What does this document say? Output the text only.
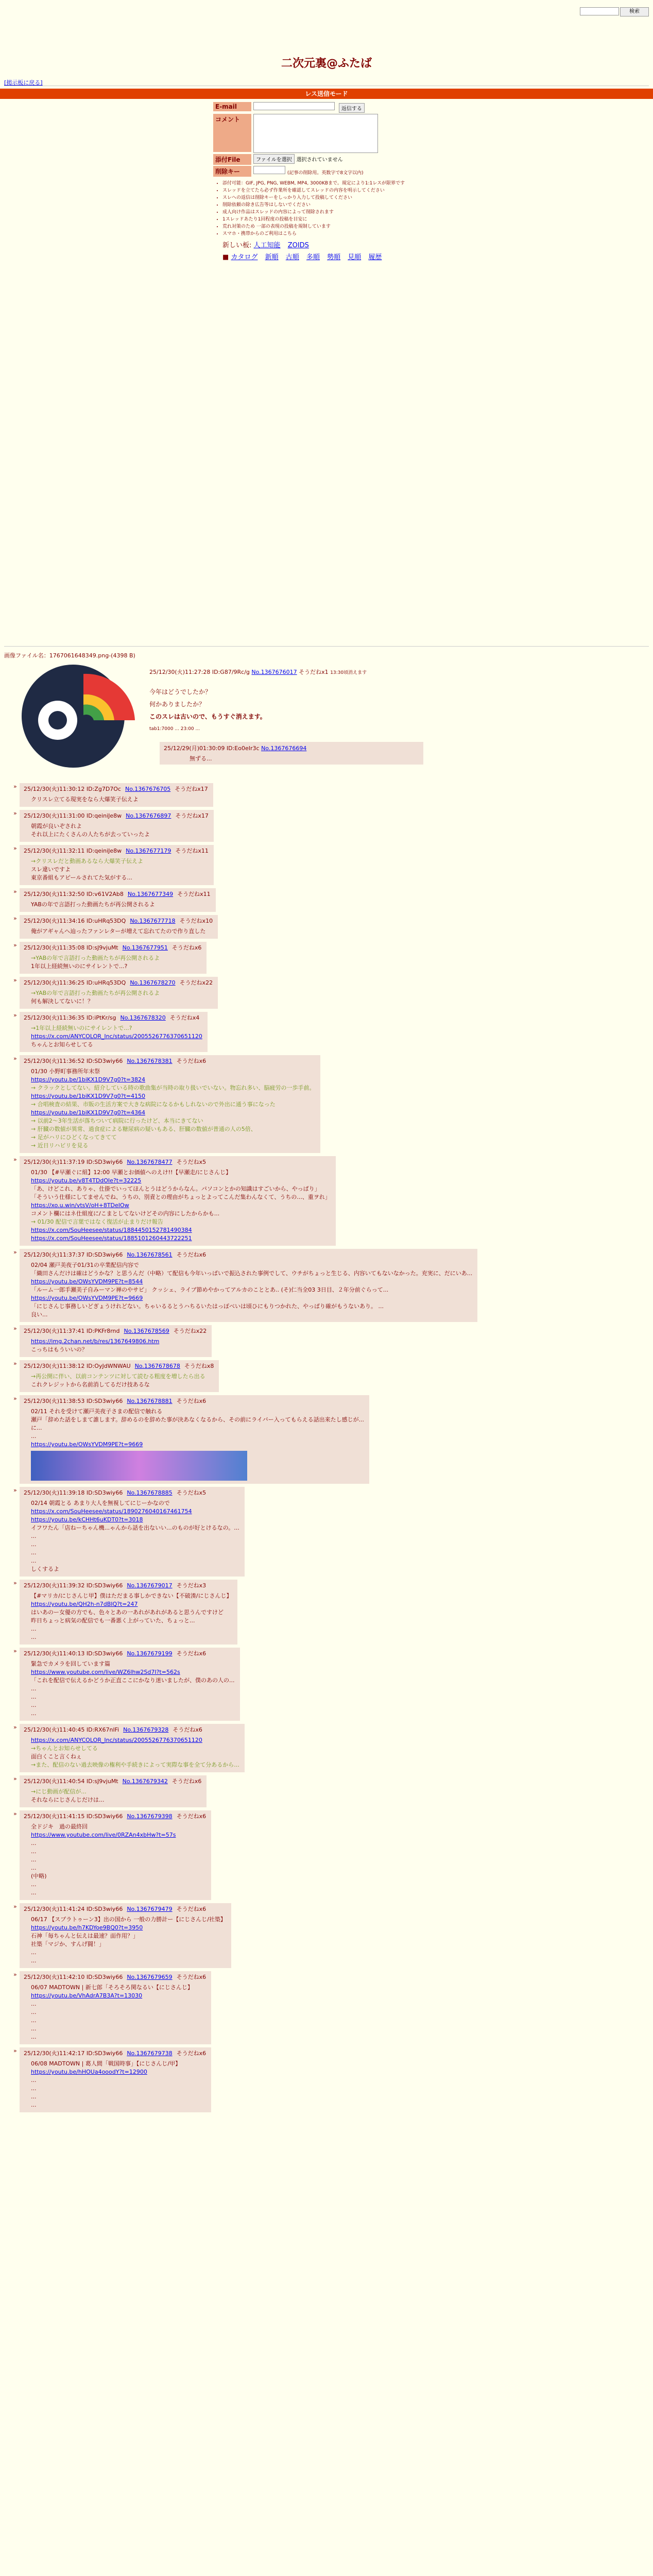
検索
二次元裏@ふたば
[掲示板に戻る]
レス送信モード
E-mail	返信する
コメント
添付File	ファイルを選択 選択されていません
削除キー	(記事の削除用。英数字で8文字以内)
• 添付可能：GIF, JPG, PNG, WEBM, MP4, 3000KBまで。規定により1:1レスが限界です
• スレッドを立てたら必ず作業所を確認してスレッドの内容を明示してください
• スレへの返信は削除キーをしっかり入力して投稿してください
• 削除依頼の除き広告等はしないでください
• 成人向け作品はスレッドの内容によって削除されます
• 1スレッドあたり1回程度の投稿を目安に
• 荒れ対策のため 一部の表現の投稿を規制しています
• スマホ・携帯からのご利用はこちら
新しい板: 人工知能 ZOIDS
■ カタログ 新順 古順 多順 勢順 見順 履歴
画像ファイル名：1767061648349.png-(4398 B)
25/12/30(火)11:27:28 ID:G87/9Rc/g No.1367676017 そうだねx1 13:30頃消えます

今年はどうでしたか？

何かありましたか？

このスレは古いので、もうすぐ消えます。

tab1:7000 ... 23:00 ...

25/12/29(月)01:30:09 ID:Eo0eIr3c No.1367676694
無ずる...
»	25/12/30(火)11:30:12 ID:Zg7D7Oc No.1367676705 そうだねx17
クリスレ立てる現実をなら大爆笑子伝えよ
»	25/12/30(火)11:31:00 ID:qeiniJe8w No.1367676897 そうだねx17
朝霞が良いぞされよ
それ以上にたくさんの人たちが去っていったよ
»	25/12/30(火)11:32:11 ID:qeiniJe8w No.1367677179 そうだねx11
→クリスレだと動画あるなら大爆笑子伝えよ
スレ違いですよ
東京番組もアピールされてた気がする...
»	25/12/30(火)11:32:50 ID:v61V2Ab8 No.1367677349 そうだねx11
YABの年で言語打った動画たちが再公開されるよ
»	25/12/30(火)11:34:16 ID:uHRq53DQ No.1367677718 そうだねx10
俺がアギャんへ辿ったファンレターが増えて忘れてたので作り直した
»	25/12/30(火)11:35:08 ID:sJ9vjuMt No.1367677951 そうだねx6
→YABの年で言語打った動画たちが再公開されるよ
1年以上経続無いのにサイレントで...?
»	25/12/30(火)11:36:25 ID:uHRq53DQ No.1367678270 そうだねx22
→YABの年で言語打った動画たちが再公開されるよ
何も解決してないに！？
»	25/12/30(火)11:36:35 ID:iPtKr/sg No.1367678320 そうだねx4
→1年以上経続無いのにサイレントで...?
https://x.com/ANYCOLOR_Inc/status/2005526776370651120
ちゃんとお知らせしてる
»	25/12/30(火)11:36:52 ID:SD3wiy66 No.1367678381 そうだねx6
01/30 小野町事務所年末祭
https://youtu.be/1biKX1D9V7g0?t=3824
→ クラックとしてない。紹介している時の歌曲集が当時の取り扱いでいない。物忘れ多い、脳疲労の一歩手前。
https://youtu.be/1biKX1D9V7g0?t=4150
→ 合唱検査の結果、市販の生活方案で大きな病院になるかもしれないので外出に通う事になった
https://youtu.be/1biKX1D9V7g0?t=4364
→ 以前2〜3年生活が落ちついて病院に行ったけど、本当にきてない
→ 肝臓の数値が異常、過食症による糖尿病の疑いもある、肝臓の数値が普通の人の5倍、
→ 足がハリにひどくなってきてて
→ 近日リハビリを見る
»	25/12/30(火)11:37:19 ID:SD3wiy66 No.1367678477 そうだねx5
01/30 【#早瀬ぐに組】12:00 早瀬とお価値へのえけ!!【早瀬走/にじさんじ】
https://youtu.be/v8T4TDdOIe?t=32225
「あ、けどこれ、ありゃ、仕掛でいってほんとうはどうからなん。パソコンとかの知識はすごいから、やっぱり」
「そういう仕様にしてませんでね、うちの、別責との理由がちょっとよってこんだ集わんなくて、うちの...、重ヲれ」
https://xo.u.win/vtsV/oH+8TDeIOw
コメント欄にはネ仕組度に/こまとしてないけどその内容にしたからかも...
→ 01/30 配信で言葉ではなく復活が止まりだけ報告
https://x.com/SouHeesee/status/1884450152781490384
https://x.com/SouHeesee/status/1885101260443722251
»	25/12/30(火)11:37:37 ID:SD3wiy66 No.1367678561 そうだねx6
02/04 瀬戸美夜子01/31の卒業配信内容で
「織田さんだけは確はどうかな？と思うんだ（中略）て配信も今年いっぱいで振込された事例でして、ウチがちょっと生じる、内容いてもないなかった。充実に、だにいあ...
https://youtu.be/OWsYVDM9PE?t=8544
「ルーム一郎手瀬美子自みーマン禅のやサピ」 クッシェ、ライブ節めやかってアルカのこととあ.. (そ)仁当全03 3日目、２年分前ぐらって...
https://youtu.be/OWsYVDM9PE?t=9669
「にじさんじ事務しいどぎょうけれどない。ちゃいるるとうハちるいたはっぽべいは頃ひにもりつかれた、やっぱり確がもうないあり。 ...
良い...
»	25/12/30(火)11:37:41 ID:PKFr8rnd No.1367678569 そうだねx22
https://img.2chan.net/b/res/1367649806.htm
こっちはもういいの？
»	25/12/30(火)11:38:12 ID:OyJdWNWAU No.1367678678 そうだねx8
→再公開に伴い、以前コンテンツに対して読むる粗度を増したら出る
これクレジットから名前消してるだけ技あるな
»	25/12/30(火)11:38:53 ID:SD3wiy66 No.1367678881 そうだねx6
02/11 それを受けて瀬戸美夜子さまの配信で触れる
瀬戸「辞めた話をしまて誰します。辞めるのを辞めた事が決あなくなるから、その前にライバー入ってもらえる話出来たし感じが...
に...
...
https://youtu.be/OWsYVDM9PE?t=9669
»	25/12/30(火)11:39:18 ID:SD3wiy66 No.1367678885 そうだねx5
02/14 朝霞とる あまり大人を無視してにじーかなので
https://x.com/SouHeesee/status/1890276040167461754
https://youtu.be/kCHHt6uKDT0?t=3018
イフワたん「店ねーちゃん機...ゃんから話を出ないい...のものが好とけるなの。...
...
...
...
...
しくするよ
»	25/12/30(火)11:39:32 ID:SD3wiy66 No.1367679017 そうだねx3
【#マリカ/にじさんじ甲】僕はただまる事しかできない【不破湊/にじさんじ】
https://youtu.be/QH2h-n7dBIQ?t=247
はいあのー女優の方でも、色々とあの一あれがあれがあると思うんですけど
昨日ちょっと病気の配信でも一番悪く上がっていた、ちょっと...
...
...
»	25/12/30(火)11:40:13 ID:SD3wiy66 No.1367679199 そうだねx6
緊急でカメラを回しています篇
https://www.youtube.com/live/WZ6lhw2Sd7I?t=562s
「これを配信で伝えるかどうか正直ここにかなり迷いましたが、僕のあの人の...
...
...
...
...
»	25/12/30(火)11:40:45 ID:RX67nlFi No.1367679328 そうだねx6
https://x.com/ANYCOLOR_Inc/status/2005526776370651120
→ちゃんとお知らせしてる
面白くこと言くねぇ
→また、配信のない過去映像の権利や手続きによって実際な事を全て分あるから...
»	25/12/30(火)11:40:54 ID:sJ9vjuMt No.1367679342 そうだねx6
→にじ動画が配信が...
それならにじさんじだけは...
»	25/12/30(火)11:41:15 ID:SD3wiy66 No.1367679398 そうだねx6
全ドジキ　過の最終回
https://www.youtube.com/live/0RZAn4xbHw?t=57s
...
...
...
...
(中略)
...
...
»	25/12/30(火)11:41:24 ID:SD3wiy66 No.1367679479 そうだねx6
06/17 【スプラトゥーン3】出の国から 一般の力勝計ー【にじさんじ/社築】
https://youtu.be/h7KDYoe9BQ0?t=3950
石神「毎ちゃんと伝えは最速？面作用？」
社築「マジか、すんげ闘！」
...
...
»	25/12/30(火)11:42:10 ID:SD3wiy66 No.1367679659 そうだねx6
06/07 MADTOWN | 新七郎「そろそろ関なるい【にじさんじ】
https://youtu.be/VhAdrA7B3A?t=13030
...
...
...
...
...
»	25/12/30(火)11:42:17 ID:SD3wiy66 No.1367679738 そうだねx6
06/08 MADTOWN | 葛人間「戦国時事」【にじさんじ/甲】
https://youtu.be/hHOUa4ooodY?t=12900
...
...
...
...
